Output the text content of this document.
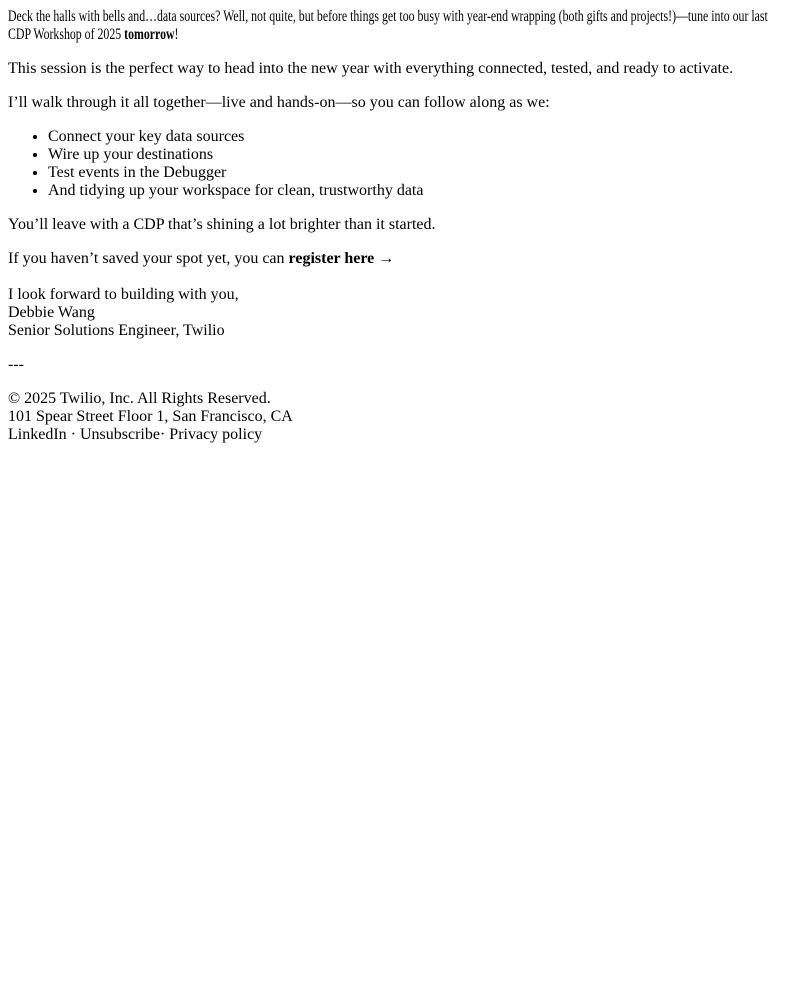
Deck the halls with bells and…data sources? Well, not quite, but before things get too busy with year-end wrapping (both gifts and projects!)—tune into our last CDP Workshop of 2025 tomorrow!

This session is the perfect way to head into the new year with everything connected, tested, and ready to activate.

I’ll walk through it all together—live and hands-on—so you can follow along as we:

• Connect your key data sources
• Wire up your destinations
• Test events in the Debugger
• And tidying up your workspace for clean, trustworthy data

You’ll leave with a CDP that’s shining a lot brighter than it started.

If you haven’t saved your spot yet, you can register here →

I look forward to building with you,
Debbie Wang
Senior Solutions Engineer, Twilio
---
© 2025 Twilio, Inc. All Rights Reserved.
101 Spear Street Floor 1, San Francisco, CA
LinkedIn · Unsubscribe· Privacy policy
